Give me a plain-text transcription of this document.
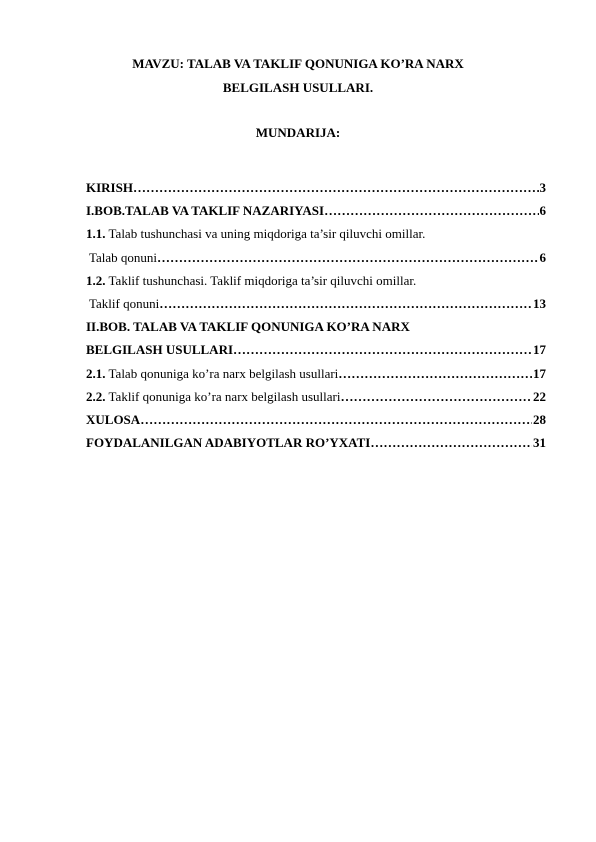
MAVZU: TALAB VA TAKLIF QONUNIGA KO’RA NARX
BELGILASH USULLARI.
MUNDARIJA:
KIRISH ……………………………………………………………………………………………………………………………………………………………………………………	3
I.BOB.TALAB VA TAKLIF NAZARIYASI ……………………………………………………………………………………………………………………………………………………………………………………	6
1.1. Talab tushunchasi va uning miqdoriga ta’sir qiluvchi omillar.
Talab qonuni ……………………………………………………………………………………………………………………………………………………………………………………	6
1.2. Taklif tushunchasi. Taklif miqdoriga ta’sir qiluvchi omillar.
Taklif qonuni ……………………………………………………………………………………………………………………………………………………………………………………	13
II.BOB. TALAB VA TAKLIF QONUNIGA KO’RA NARX
BELGILASH USULLARI ……………………………………………………………………………………………………………………………………………………………………………………	17
2.1. Talab qonuniga ko’ra narx belgilash usullari ……………………………………………………………………………………………………………………………………………………………………………………	17
2.2. Taklif qonuniga ko’ra narx belgilash usullari ……………………………………………………………………………………………………………………………………………………………………………………	22
XULOSA ……………………………………………………………………………………………………………………………………………………………………………………	28
FOYDALANILGAN ADABIYOTLAR RO’YXATI ……………………………………………………………………………………………………………………………………………………………………………………	31
